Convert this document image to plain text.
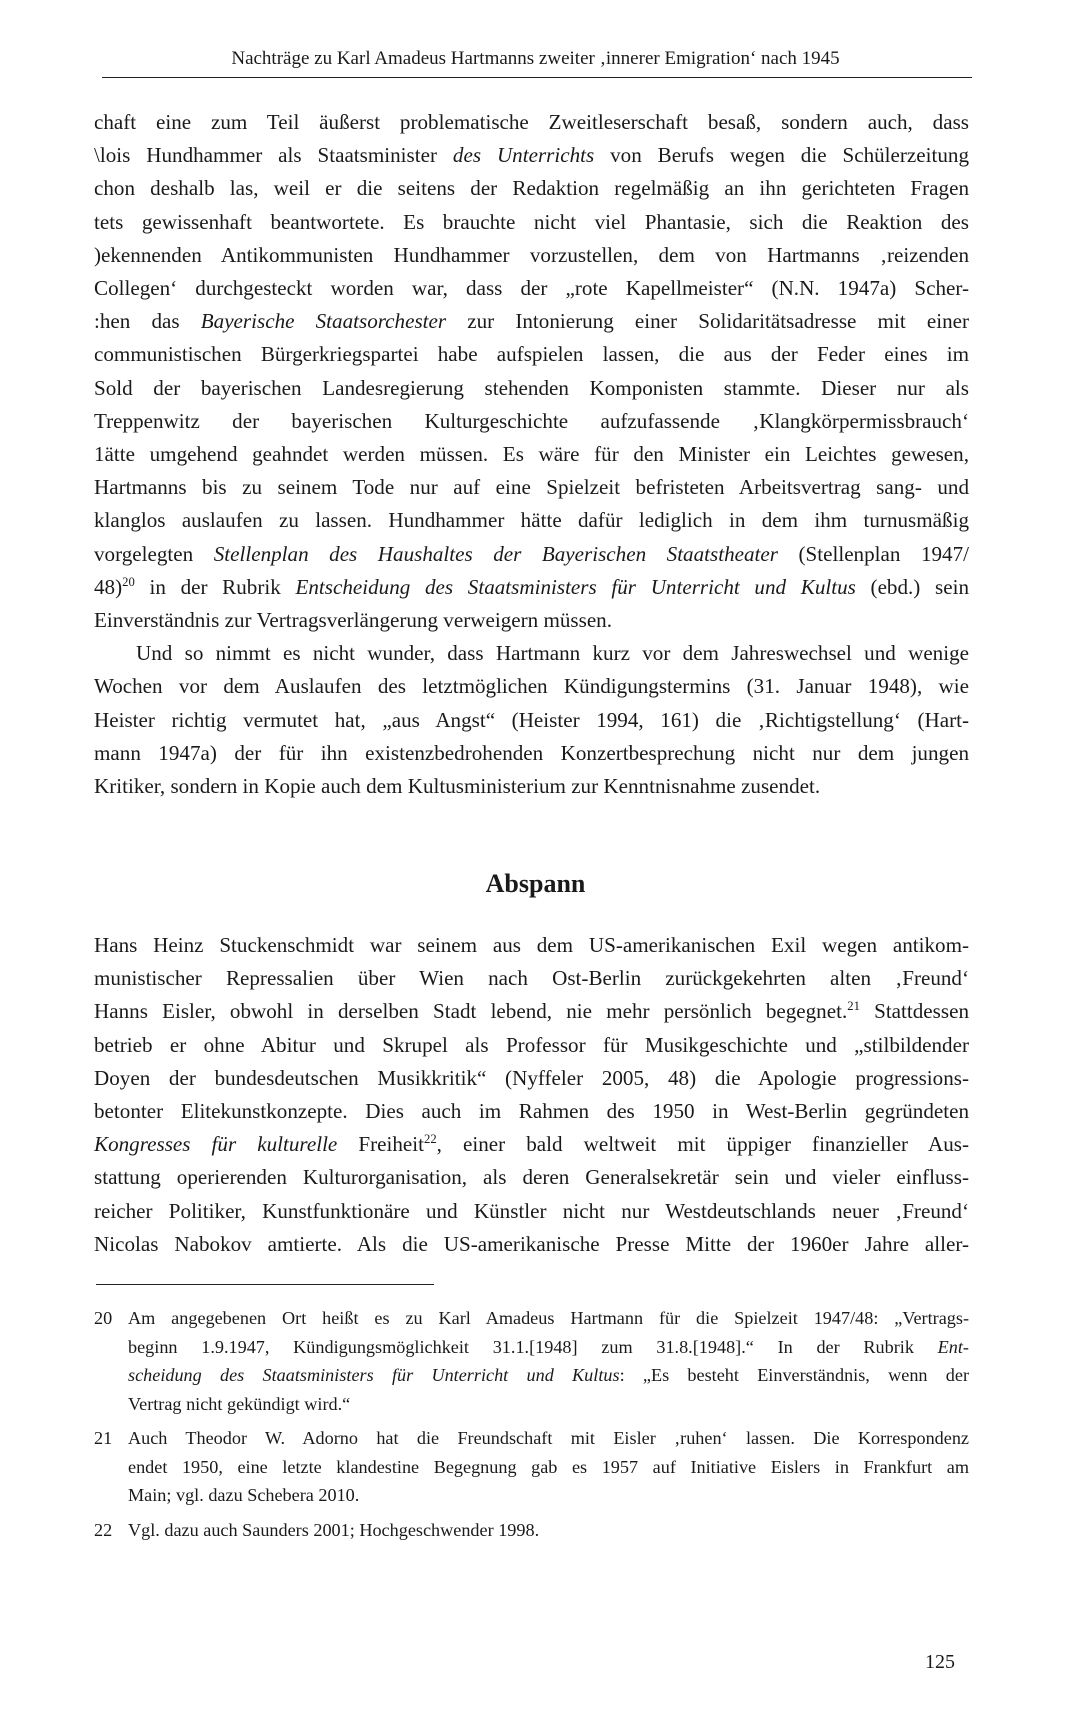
Nachträge zu Karl Amadeus Hartmanns zweiter ‚innerer Emigration‘ nach 1945
chaft eine zum Teil äußerst problematische Zweitleserschaft besaß, sondern auch, dass
\lois Hundhammer als Staatsminister des Unterrichts von Berufs wegen die Schülerzeitung
chon deshalb las, weil er die seitens der Redaktion regelmäßig an ihn gerichteten Fragen
tets gewissenhaft beantwortete. Es brauchte nicht viel Phantasie, sich die Reaktion des
)ekennenden Antikommunisten Hundhammer vorzustellen, dem von Hartmanns ‚reizenden
Collegen‘ durchgesteckt worden war, dass der „rote Kapellmeister“ (N.N. 1947a) Scher-
:hen das Bayerische Staatsorchester zur Intonierung einer Solidaritätsadresse mit einer
communistischen Bürgerkriegspartei habe aufspielen lassen, die aus der Feder eines im
Sold der bayerischen Landesregierung stehenden Komponisten stammte. Dieser nur als
Treppenwitz der bayerischen Kulturgeschichte aufzufassende ‚Klangkörpermissbrauch‘
1ätte umgehend geahndet werden müssen. Es wäre für den Minister ein Leichtes gewesen,
Hartmanns bis zu seinem Tode nur auf eine Spielzeit befristeten Arbeitsvertrag sang- und
klanglos auslaufen zu lassen. Hundhammer hätte dafür lediglich in dem ihm turnusmäßig
vorgelegten Stellenplan des Haushaltes der Bayerischen Staatstheater (Stellenplan 1947/
48)$^{20}$ in der Rubrik Entscheidung des Staatsministers für Unterricht und Kultus (ebd.) sein
Einverständnis zur Vertragsverlängerung verweigern müssen.
Und so nimmt es nicht wunder, dass Hartmann kurz vor dem Jahreswechsel und wenige
Wochen vor dem Auslaufen des letztmöglichen Kündigungstermins (31. Januar 1948), wie
Heister richtig vermutet hat, „aus Angst“ (Heister 1994, 161) die ‚Richtigstellung‘ (Hart-
mann 1947a) der für ihn existenzbedrohenden Konzertbesprechung nicht nur dem jungen
Kritiker, sondern in Kopie auch dem Kultusministerium zur Kenntnisnahme zusendet.
Abspann
Hans Heinz Stuckenschmidt war seinem aus dem US-amerikanischen Exil wegen antikom-
munistischer Repressalien über Wien nach Ost-Berlin zurückgekehrten alten ‚Freund‘
Hanns Eisler, obwohl in derselben Stadt lebend, nie mehr persönlich begegnet.$^{21}$ Stattdessen
betrieb er ohne Abitur und Skrupel als Professor für Musikgeschichte und „stilbildender
Doyen der bundesdeutschen Musikkritik“ (Nyffeler 2005, 48) die Apologie progressions-
betonter Elitekunstkonzepte. Dies auch im Rahmen des 1950 in West-Berlin gegründeten
Kongresses für kulturelle Freiheit$^{22}$, einer bald weltweit mit üppiger finanzieller Aus-
stattung operierenden Kulturorganisation, als deren Generalsekretär sein und vieler einfluss-
reicher Politiker, Kunstfunktionäre und Künstler nicht nur Westdeutschlands neuer ‚Freund‘
Nicolas Nabokov amtierte. Als die US-amerikanische Presse Mitte der 1960er Jahre aller-
20 Am angegebenen Ort heißt es zu Karl Amadeus Hartmann für die Spielzeit 1947/48: „Vertrags-
beginn 1.9.1947, Kündigungsmöglichkeit 31.1.[1948] zum 31.8.[1948].“ In der Rubrik Ent-
scheidung des Staatsministers für Unterricht und Kultus: „Es besteht Einverständnis, wenn der
Vertrag nicht gekündigt wird.“
21 Auch Theodor W. Adorno hat die Freundschaft mit Eisler ‚ruhen‘ lassen. Die Korrespondenz
endet 1950, eine letzte klandestine Begegnung gab es 1957 auf Initiative Eislers in Frankfurt am
Main; vgl. dazu Schebera 2010.
22 Vgl. dazu auch Saunders 2001; Hochgeschwender 1998.
125
